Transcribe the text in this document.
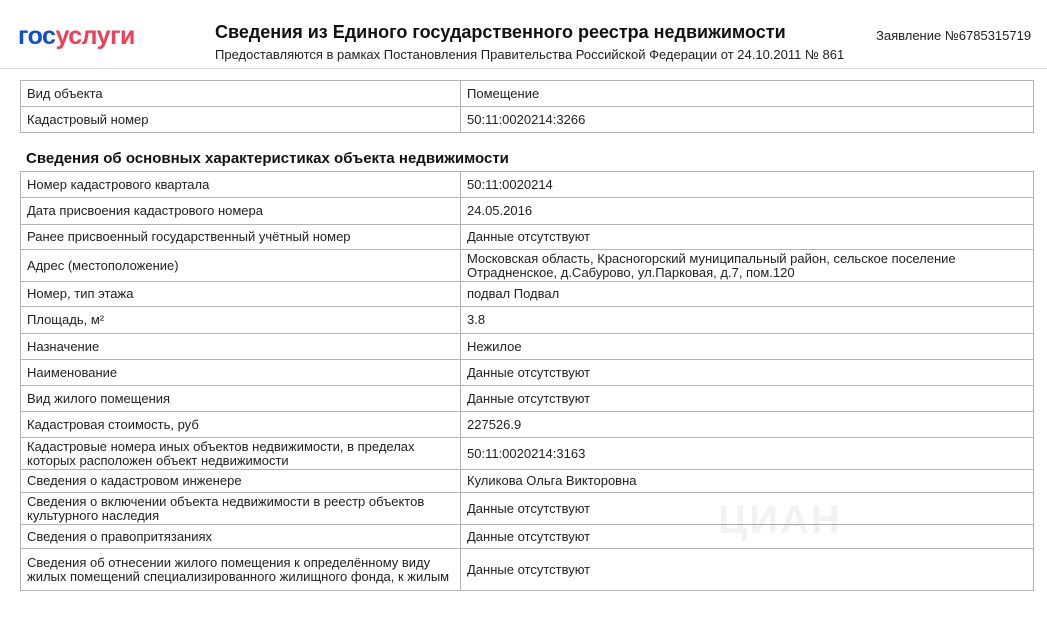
госуслуги	Сведения из Единого государственного реестра недвижимости
Предоставляются в рамках Постановления Правительства Российской Федерации от 24.10.2011 № 861
Заявление №6785315719
Вид объекта	Помещение
Кадастровый номер	50:11:0020214:3266
Сведения об основных характеристиках объекта недвижимости
Номер кадастрового квартала	50:11:0020214
Дата присвоения кадастрового номера	24.05.2016
Ранее присвоенный государственный учётный номер	Данные отсутствуют
Адрес (местоположение)	Московская область, Красногорский муниципальный район, сельское поселение Отрадненское, д.Сабурово, ул.Парковая, д.7, пом.120
Номер, тип этажа	подвал Подвал
Площадь, м²	3.8
Назначение	Нежилое
Наименование	Данные отсутствуют
Вид жилого помещения	Данные отсутствуют
Кадастровая стоимость, руб	227526.9
Кадастровые номера иных объектов недвижимости, в пределах которых расположен объект недвижимости	50:11:0020214:3163
Сведения о кадастровом инженере	Куликова Ольга Викторовна
Сведения о включении объекта недвижимости в реестр объектов культурного наследия	Данные отсутствуют
Сведения о правопритязаниях	Данные отсутствуют
Сведения об отнесении жилого помещения к определённому виду жилых помещений специализированного жилищного фонда, к жилым	Данные отсутствуют
ЦИАН
